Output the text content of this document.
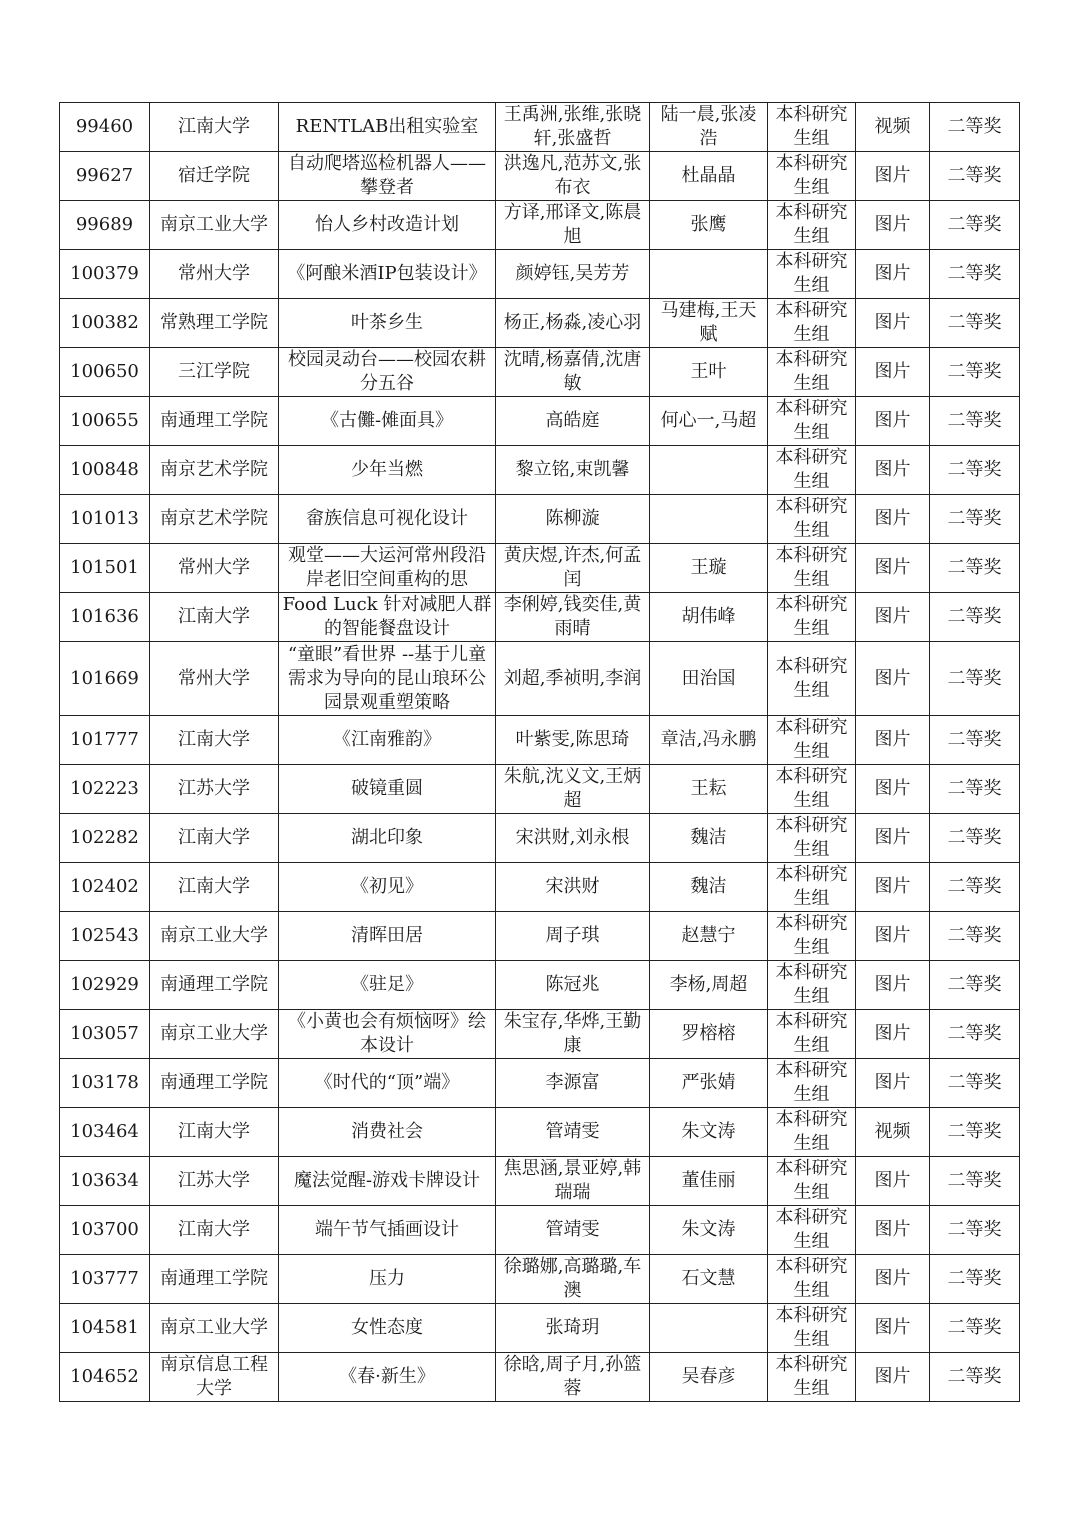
99460	江南大学	RENTLAB出租实验室	王禹洲,张维,张晓轩,张盛哲	陆一晨,张凌浩	本科研究生组	视频	二等奖

99627	宿迁学院	自动爬塔巡检机器人——攀登者	洪逸凡,范苏文,张布衣	杜晶晶	本科研究生组	图片	二等奖

99689	南京工业大学	怡人乡村改造计划	方译,邢译文,陈晨旭	张鹰	本科研究生组	图片	二等奖

100379	常州大学	《阿酿米酒IP包装设计》	颜婷钰,吴芳芳		本科研究生组	图片	二等奖

100382	常熟理工学院	叶茶乡生	杨正,杨淼,凌心羽	马建梅,王天赋	本科研究生组	图片	二等奖

100650	三江学院	校园灵动台——校园农耕分五谷	沈晴,杨嘉倩,沈唐敏	王叶	本科研究生组	图片	二等奖

100655	南通理工学院	《古儺-傩面具》	高皓庭	何心一,马超	本科研究生组	图片	二等奖

100848	南京艺术学院	少年当燃	黎立铭,束凯馨		本科研究生组	图片	二等奖

101013	南京艺术学院	畲族信息可视化设计	陈柳漩		本科研究生组	图片	二等奖

101501	常州大学	观堂——大运河常州段沿岸老旧空间重构的思	黄庆煜,许杰,何孟闰	王璇	本科研究生组	图片	二等奖

101636	江南大学	Food Luck 针对减肥人群的智能餐盘设计	李俐婷,钱奕佳,黄雨晴	胡伟峰	本科研究生组	图片	二等奖

101669	常州大学	“童眼”看世界 --基于儿童需求为导向的昆山琅环公园景观重塑策略	刘超,季祯明,李润	田治国	本科研究生组	图片	二等奖

101777	江南大学	《江南雅韵》	叶紫雯,陈思琦	章洁,冯永鹏	本科研究生组	图片	二等奖

102223	江苏大学	破镜重圆	朱航,沈义文,王炳超	王耘	本科研究生组	图片	二等奖

102282	江南大学	湖北印象	宋洪财,刘永根	魏洁	本科研究生组	图片	二等奖

102402	江南大学	《初见》	宋洪财	魏洁	本科研究生组	图片	二等奖

102543	南京工业大学	清晖田居	周子琪	赵慧宁	本科研究生组	图片	二等奖

102929	南通理工学院	《驻足》	陈冠兆	李杨,周超	本科研究生组	图片	二等奖

103057	南京工业大学	《小黄也会有烦恼呀》绘本设计	朱宝存,华烨,王勤康	罗榕榕	本科研究生组	图片	二等奖

103178	南通理工学院	《时代的“顶”端》	李源富	严张婧	本科研究生组	图片	二等奖

103464	江南大学	消费社会	管靖雯	朱文涛	本科研究生组	视频	二等奖

103634	江苏大学	魔法觉醒-游戏卡牌设计	焦思涵,景亚婷,韩瑞瑞	董佳丽	本科研究生组	图片	二等奖

103700	江南大学	端午节气插画设计	管靖雯	朱文涛	本科研究生组	图片	二等奖

103777	南通理工学院	压力	徐璐娜,高璐璐,车澳	石文慧	本科研究生组	图片	二等奖

104581	南京工业大学	女性态度	张琦玥		本科研究生组	图片	二等奖

104652	南京信息工程大学	《春·新生》	徐晗,周子月,孙篮蓉	吴春彦	本科研究生组	图片	二等奖
